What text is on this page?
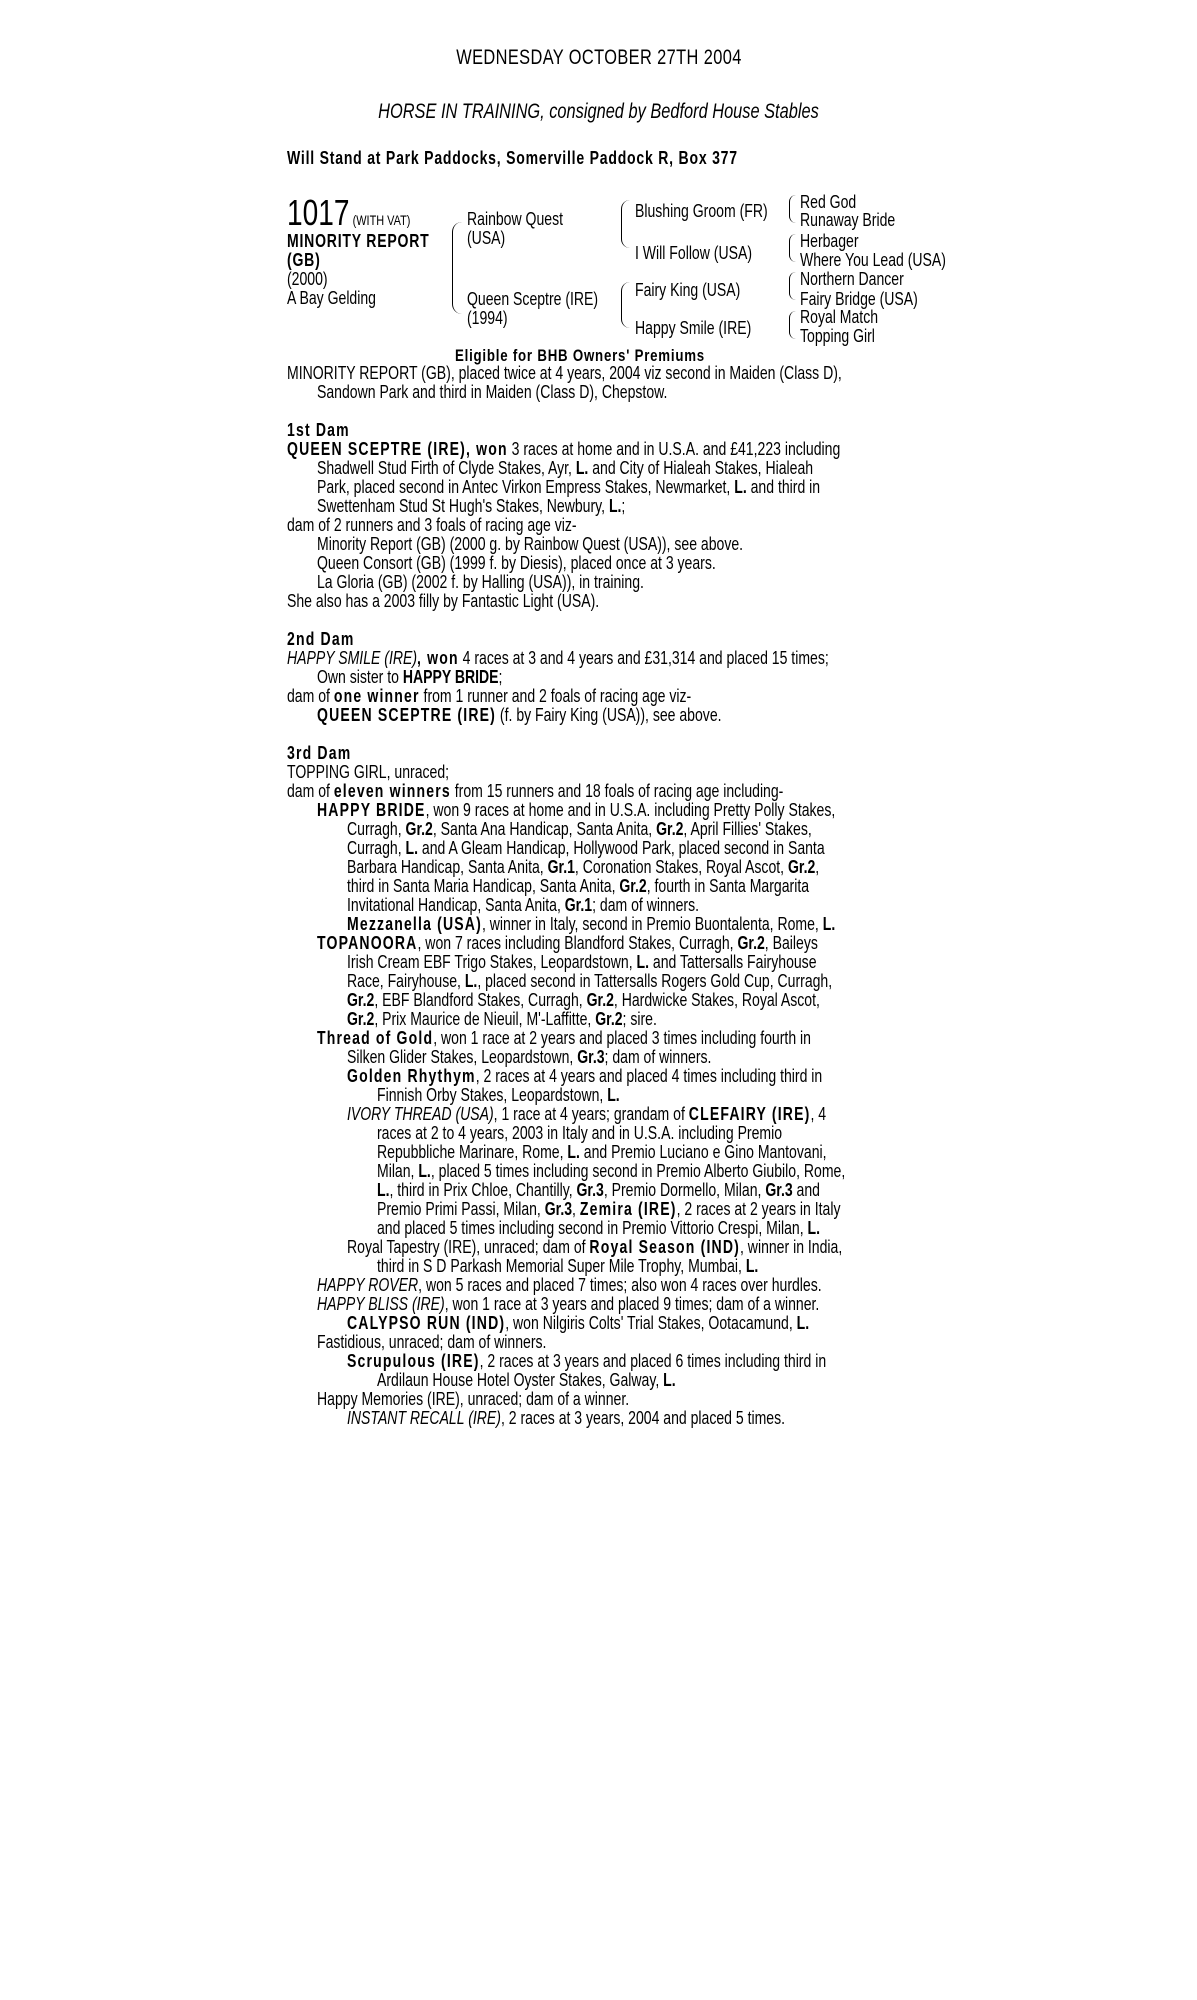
WEDNESDAY OCTOBER 27TH 2004
HORSE IN TRAINING, consigned by Bedford House Stables
Will Stand at Park Paddocks, Somerville Paddock R, Box 377
1017 (WITH VAT)
MINORITY REPORT
(GB)
(2000)
A Bay Gelding
Rainbow Quest
(USA)
Queen Sceptre (IRE)
(1994)
Blushing Groom (FR)
I Will Follow (USA)
Fairy King (USA)
Happy Smile (IRE)
Red God
Runaway Bride
Herbager
Where You Lead (USA)
Northern Dancer
Fairy Bridge (USA)
Royal Match
Topping Girl
Eligible for BHB Owners' Premiums
MINORITY REPORT (GB), placed twice at 4 years, 2004 viz second in Maiden (Class D),
Sandown Park and third in Maiden (Class D), Chepstow.
1st Dam
QUEEN SCEPTRE (IRE), won 3 races at home and in U.S.A. and £41,223 including
Shadwell Stud Firth of Clyde Stakes, Ayr, L. and City of Hialeah Stakes, Hialeah
Park, placed second in Antec Virkon Empress Stakes, Newmarket, L. and third in
Swettenham Stud St Hugh's Stakes, Newbury, L.;
dam of 2 runners and 3 foals of racing age viz-
Minority Report (GB) (2000 g. by Rainbow Quest (USA)), see above.
Queen Consort (GB) (1999 f. by Diesis), placed once at 3 years.
La Gloria (GB) (2002 f. by Halling (USA)), in training.
She also has a 2003 filly by Fantastic Light (USA).
2nd Dam
HAPPY SMILE (IRE), won 4 races at 3 and 4 years and £31,314 and placed 15 times;
Own sister to HAPPY BRIDE;
dam of one winner from 1 runner and 2 foals of racing age viz-
QUEEN SCEPTRE (IRE) (f. by Fairy King (USA)), see above.
3rd Dam
TOPPING GIRL, unraced;
dam of eleven winners from 15 runners and 18 foals of racing age including-
HAPPY BRIDE, won 9 races at home and in U.S.A. including Pretty Polly Stakes,
Curragh, Gr.2, Santa Ana Handicap, Santa Anita, Gr.2, April Fillies' Stakes,
Curragh, L. and A Gleam Handicap, Hollywood Park, placed second in Santa
Barbara Handicap, Santa Anita, Gr.1, Coronation Stakes, Royal Ascot, Gr.2,
third in Santa Maria Handicap, Santa Anita, Gr.2, fourth in Santa Margarita
Invitational Handicap, Santa Anita, Gr.1; dam of winners.
Mezzanella (USA), winner in Italy, second in Premio Buontalenta, Rome, L.
TOPANOORA, won 7 races including Blandford Stakes, Curragh, Gr.2, Baileys
Irish Cream EBF Trigo Stakes, Leopardstown, L. and Tattersalls Fairyhouse
Race, Fairyhouse, L., placed second in Tattersalls Rogers Gold Cup, Curragh,
Gr.2, EBF Blandford Stakes, Curragh, Gr.2, Hardwicke Stakes, Royal Ascot,
Gr.2, Prix Maurice de Nieuil, M'-Laffitte, Gr.2; sire.
Thread of Gold, won 1 race at 2 years and placed 3 times including fourth in
Silken Glider Stakes, Leopardstown, Gr.3; dam of winners.
Golden Rhythym, 2 races at 4 years and placed 4 times including third in
Finnish Orby Stakes, Leopardstown, L.
IVORY THREAD (USA), 1 race at 4 years; grandam of CLEFAIRY (IRE), 4
races at 2 to 4 years, 2003 in Italy and in U.S.A. including Premio
Repubbliche Marinare, Rome, L. and Premio Luciano e Gino Mantovani,
Milan, L., placed 5 times including second in Premio Alberto Giubilo, Rome,
L., third in Prix Chloe, Chantilly, Gr.3, Premio Dormello, Milan, Gr.3 and
Premio Primi Passi, Milan, Gr.3, Zemira (IRE), 2 races at 2 years in Italy
and placed 5 times including second in Premio Vittorio Crespi, Milan, L.
Royal Tapestry (IRE), unraced; dam of Royal Season (IND), winner in India,
third in S D Parkash Memorial Super Mile Trophy, Mumbai, L.
HAPPY ROVER, won 5 races and placed 7 times; also won 4 races over hurdles.
HAPPY BLISS (IRE), won 1 race at 3 years and placed 9 times; dam of a winner.
CALYPSO RUN (IND), won Nilgiris Colts' Trial Stakes, Ootacamund, L.
Fastidious, unraced; dam of winners.
Scrupulous (IRE), 2 races at 3 years and placed 6 times including third in
Ardilaun House Hotel Oyster Stakes, Galway, L.
Happy Memories (IRE), unraced; dam of a winner.
INSTANT RECALL (IRE), 2 races at 3 years, 2004 and placed 5 times.
